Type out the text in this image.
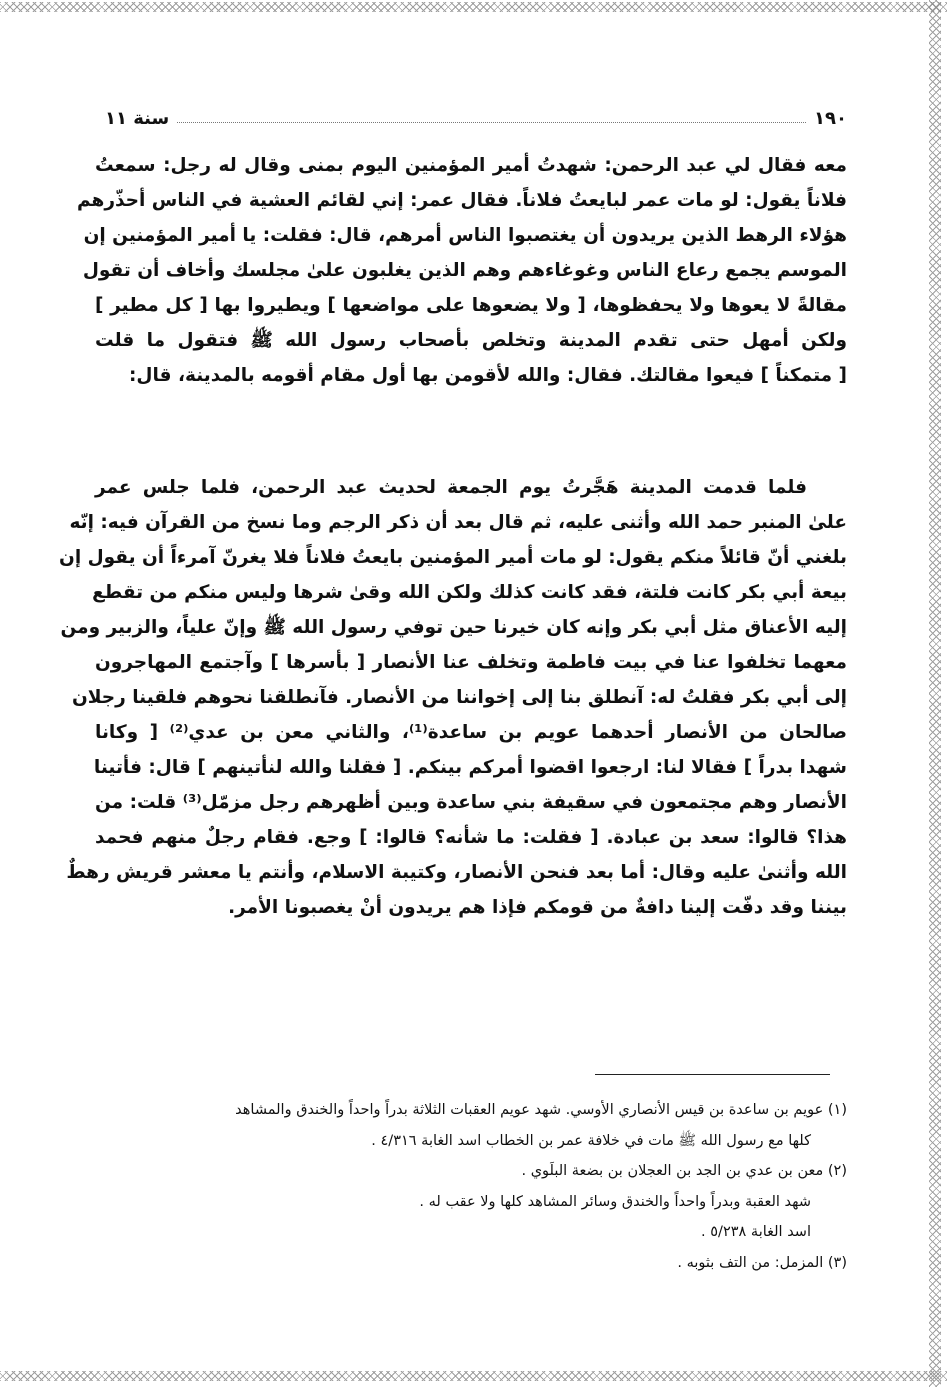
١٩٠
سنة ١١
معه فقال لي عبد الرحمن: شهدتُ أمير المؤمنين اليوم بمنى وقال له رجل: سمعتُ
فلاناً يقول: لو مات عمر لبايعتُ فلاناً. فقال عمر: إني لقائم العشية في الناس أحذّرهم
هؤلاء الرهط الذين يريدون أن يغتصبوا الناس أمرهم، قال: فقلت: يا أمير المؤمنين إن
الموسم يجمع رعاع الناس وغوغاءهم وهم الذين يغلبون علىٰ مجلسك وأخاف أن تقول
مقالةً لا يعوها ولا يحفظوها، [ ولا يضعوها على مواضعها ] ويطيروا بها [ كل مطير ]
ولكن أمهل حتى تقدم المدينة وتخلص بأصحاب رسول الله ﷺ فتقول ما قلت
[ متمكناً ] فيعوا مقالتك. فقال: والله لأقومن بها أول مقام أقومه بالمدينة، قال:
فلما قدمت المدينة هَجَّرتُ يوم الجمعة لحديث عبد الرحمن، فلما جلس عمر
علىٰ المنبر حمد الله وأثنى عليه، ثم قال بعد أن ذكر الرجم وما نسخ من القرآن فيه: إنّه
بلغني أنّ قائلاً منكم يقول: لو مات أمير المؤمنين بايعتُ فلاناً فلا يغرنّ آمرءاً أن يقول إن
بيعة أبي بكر كانت فلتة، فقد كانت كذلك ولكن الله وقىٰ شرها وليس منكم من تقطع
إليه الأعناق مثل أبي بكر وإنه كان خيرنا حين توفي رسول الله ﷺ وإنّ علياً، والزبير ومن
معهما تخلفوا عنا في بيت فاطمة وتخلف عنا الأنصار [ بأسرها ] وآجتمع المهاجرون
إلى أبي بكر فقلتُ له: آنطلق بنا إلى إخواننا من الأنصار. فآنطلقنا نحوهم فلقينا رجلان
صالحان من الأنصار أحدهما عويم بن ساعدة⁽¹⁾، والثاني معن بن عدي⁽²⁾ [ وكانا
شهدا بدراً ] فقالا لنا: ارجعوا اقضوا أمركم بينكم. [ فقلنا والله لنأتينهم ] قال: فأتينا
الأنصار وهم مجتمعون في سقيفة بني ساعدة وبين أظهرهم رجل مزمّل⁽³⁾ قلت: من
هذا؟ قالوا: سعد بن عبادة. [ فقلت: ما شأنه؟ قالوا: ] وجع. فقام رجلٌ منهم فحمد
الله وأثنىٰ عليه وقال: أما بعد فنحن الأنصار، وكتيبة الاسلام، وأنتم يا معشر قريش رهطٌ
بيننا وقد دفّت إلينا دافةٌ من قومكم فإذا هم يريدون أنْ يغصبونا الأمر.
(١) عويم بن ساعدة بن قيس الأنصاري الأوسي. شهد عويم العقبات الثلاثة بدراً واحداً والخندق والمشاهد
كلها مع رسول الله ﷺ مات في خلافة عمر بن الخطاب اسد الغابة ٤/٣١٦ .
(٢) معن بن عدي بن الجد بن العجلان بن بضعة البلَوي .
شهد العقبة وبدراً واحداً والخندق وسائر المشاهد كلها ولا عقب له .
اسد الغابة ٥/٢٣٨ .
(٣) المزمل: من التف بثوبه .
